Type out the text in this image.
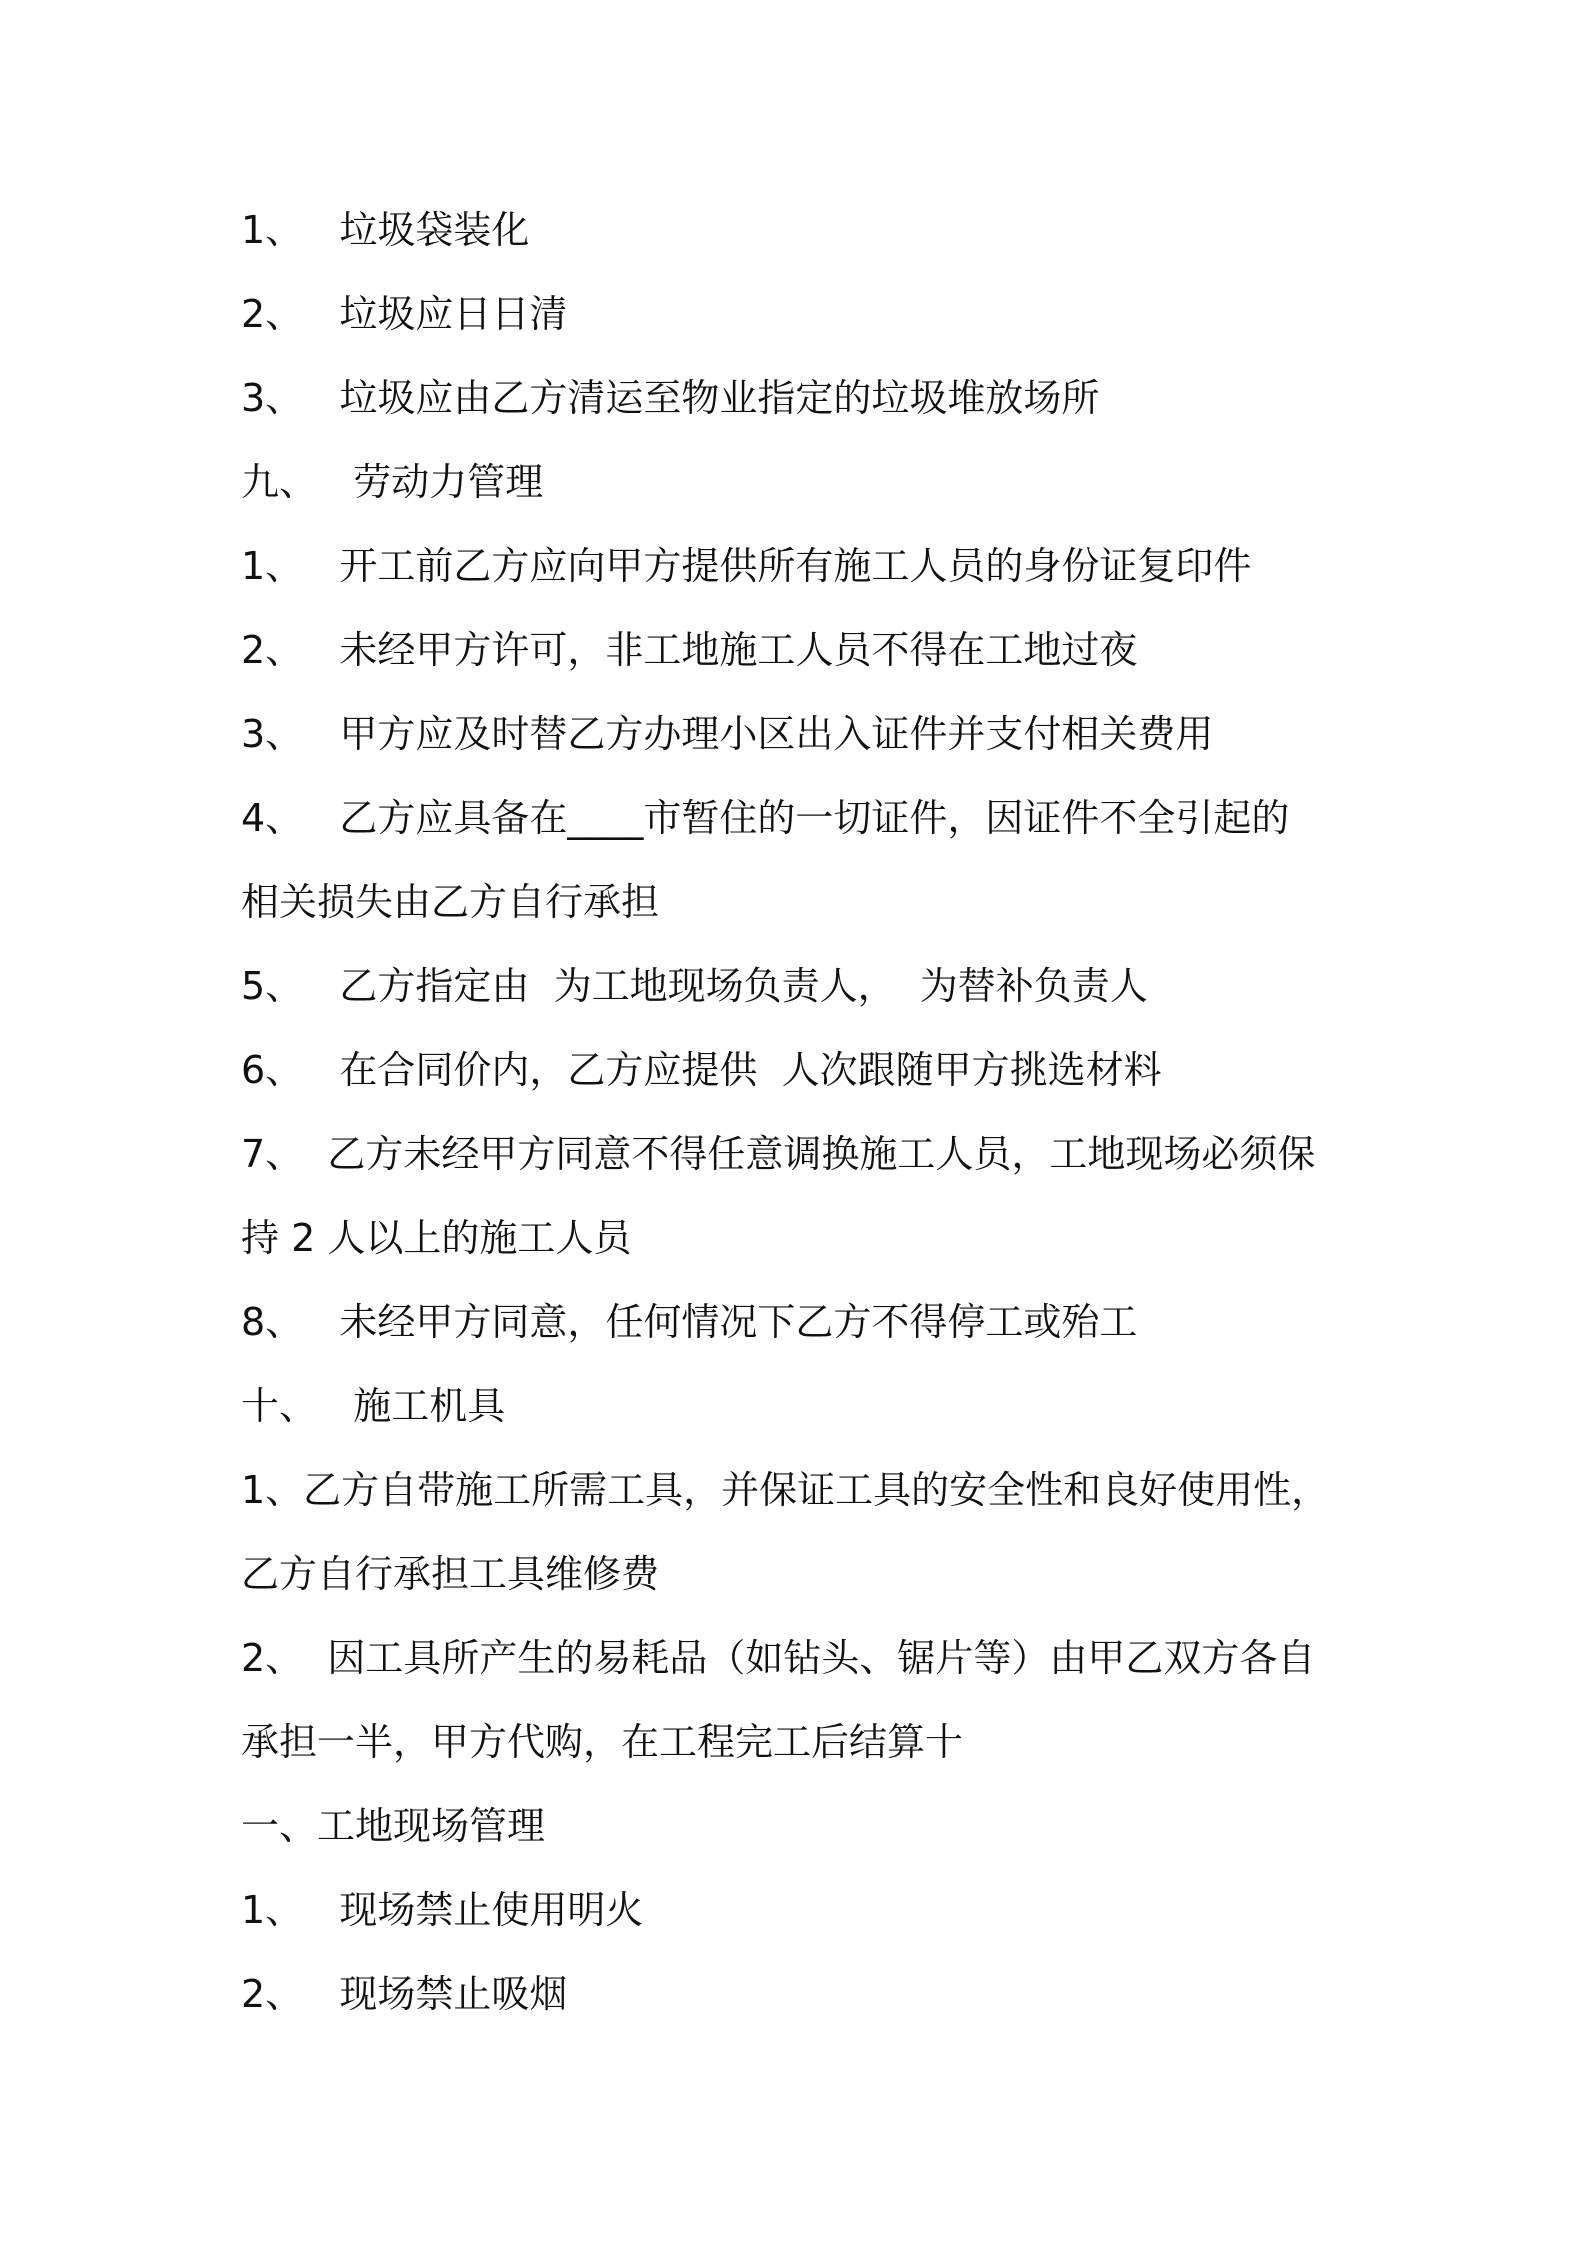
1、   垃圾袋装化
2、   垃圾应日日清
3、   垃圾应由乙方清运至物业指定的垃圾堆放场所
九、   劳动力管理
1、   开工前乙方应向甲方提供所有施工人员的身份证复印件
2、   未经甲方许可，非工地施工人员不得在工地过夜
3、   甲方应及时替乙方办理小区出入证件并支付相关费用
4、   乙方应具备在____市暂住的一切证件，因证件不全引起的
相关损失由乙方自行承担
5、   乙方指定由  为工地现场负责人，  为替补负责人
6、   在合同价内，乙方应提供  人次跟随甲方挑选材料
7、  乙方未经甲方同意不得任意调换施工人员，工地现场必须保
持 2 人以上的施工人员
8、   未经甲方同意，任何情况下乙方不得停工或殆工
十、   施工机具
1、乙方自带施工所需工具，并保证工具的安全性和良好使用性，
乙方自行承担工具维修费
2、  因工具所产生的易耗品（如钻头、锯片等）由甲乙双方各自
承担一半，甲方代购，在工程完工后结算十
一、工地现场管理
1、   现场禁止使用明火
2、   现场禁止吸烟
